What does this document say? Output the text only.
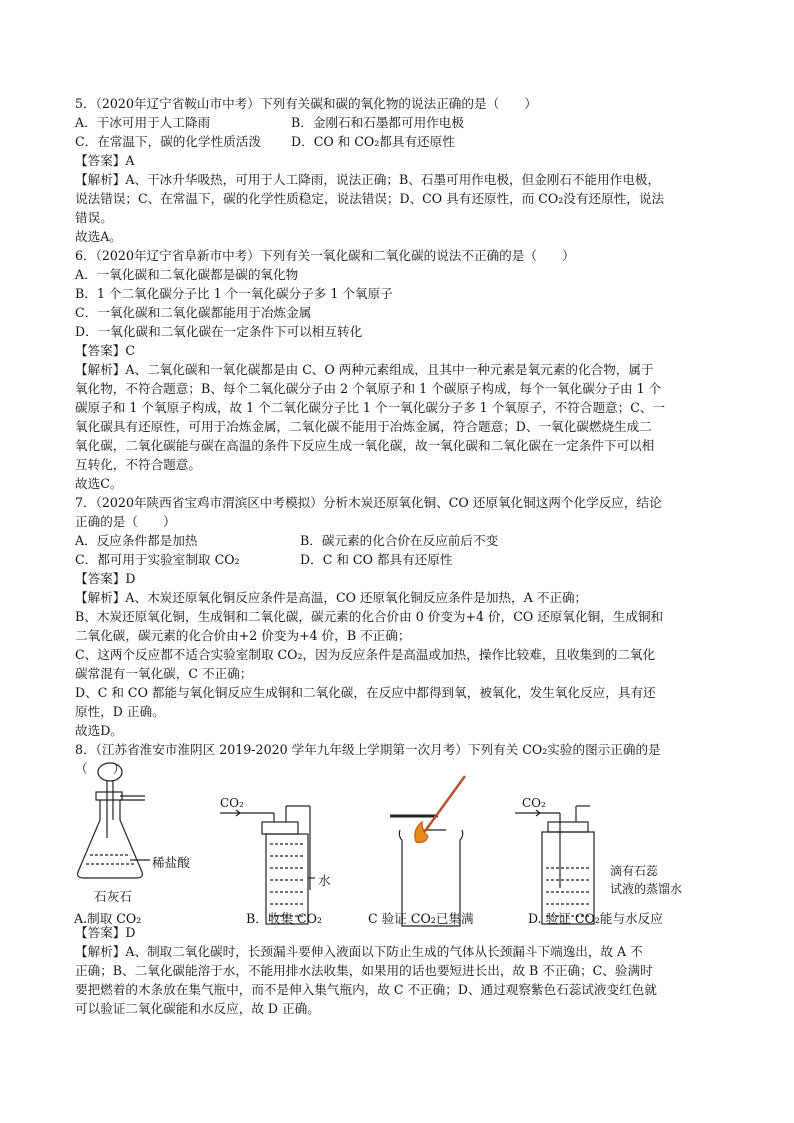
5．（2020年辽宁省鞍山市中考）下列有关碳和碳的氧化物的说法正确的是（　　）
A．干冰可用于人工降雨	B．金刚石和石墨都可用作电极
C．在常温下，碳的化学性质活泼 D．CO 和 CO₂都具有还原性
【答案】A
【解析】A、干冰升华吸热，可用于人工降雨，说法正确；B、石墨可用作电极，但金刚石不能用作电极，
说法错误；C、在常温下，碳的化学性质稳定，说法错误；D、CO 具有还原性，而 CO₂没有还原性，说法
错误。
故选A。
6．（2020年辽宁省阜新市中考）下列有关一氧化碳和二氧化碳的说法不正确的是（　　）
A．一氧化碳和二氧化碳都是碳的氧化物
B．1 个二氧化碳分子比 1 个一氧化碳分子多 1 个氧原子
C．一氧化碳和二氧化碳都能用于冶炼金属
D．一氧化碳和二氧化碳在一定条件下可以相互转化
【答案】C
【解析】A、二氧化碳和一氧化碳都是由 C、O 两种元素组成，且其中一种元素是氧元素的化合物，属于
氧化物，不符合题意；B、每个二氧化碳分子由 2 个氧原子和 1 个碳原子构成，每个一氧化碳分子由 1 个
碳原子和 1 个氧原子构成，故 1 个二氧化碳分子比 1 个一氧化碳分子多 1 个氧原子，不符合题意；C、一
氧化碳具有还原性，可用于冶炼金属，二氧化碳不能用于冶炼金属，符合题意；D、一氧化碳燃烧生成二
氧化碳，二氧化碳能与碳在高温的条件下反应生成一氧化碳，故一氧化碳和二氧化碳在一定条件下可以相
互转化，不符合题意。
故选C。
7．（2020年陕西省宝鸡市渭滨区中考模拟）分析木炭还原氧化铜、CO 还原氧化铜这两个化学反应，结论
正确的是（　　）
A．反应条件都是加热	B．碳元素的化合价在反应前后不变
C．都可用于实验室制取 CO₂	D．C 和 CO 都具有还原性
【答案】D
【解析】A、木炭还原氧化铜反应条件是高温，CO 还原氧化铜反应条件是加热，A 不正确；
B、木炭还原氧化铜，生成铜和二氧化碳，碳元素的化合价由 0 价变为+4 价，CO 还原氧化铜，生成铜和
二氧化碳，碳元素的化合价由+2 价变为+4 价，B 不正确；
C、这两个反应都不适合实验室制取 CO₂，因为反应条件是高温或加热，操作比较难，且收集到的二氧化
碳常混有一氧化碳，C 不正确；
D、C 和 CO 都能与氧化铜反应生成铜和二氧化碳，在反应中都得到氧，被氧化，发生氧化反应，具有还
原性，D 正确。
故选D。
8．（江苏省淮安市淮阴区 2019-2020 学年九年级上学期第一次月考）下列有关 CO₂实验的图示正确的是
（　　）
稀盐酸
石灰石
CO₂
水
CO₂
滴有石蕊
试液的蒸馏水
A.制取 CO₂	B．收集 CO₂	C 验证 CO₂已集满	D. 验证 CO₂能与水反应
【答案】D
【解析】A、制取二氧化碳时，长颈漏斗要伸入液面以下防止生成的气体从长颈漏斗下端逸出，故 A 不
正确；B、二氧化碳能溶于水，不能用排水法收集，如果用的话也要短进长出，故 B 不正确；C、验满时
要把燃着的木条放在集气瓶中，而不是伸入集气瓶内，故 C 不正确；D、通过观察紫色石蕊试液变红色就
可以验证二氧化碳能和水反应，故 D 正确。
